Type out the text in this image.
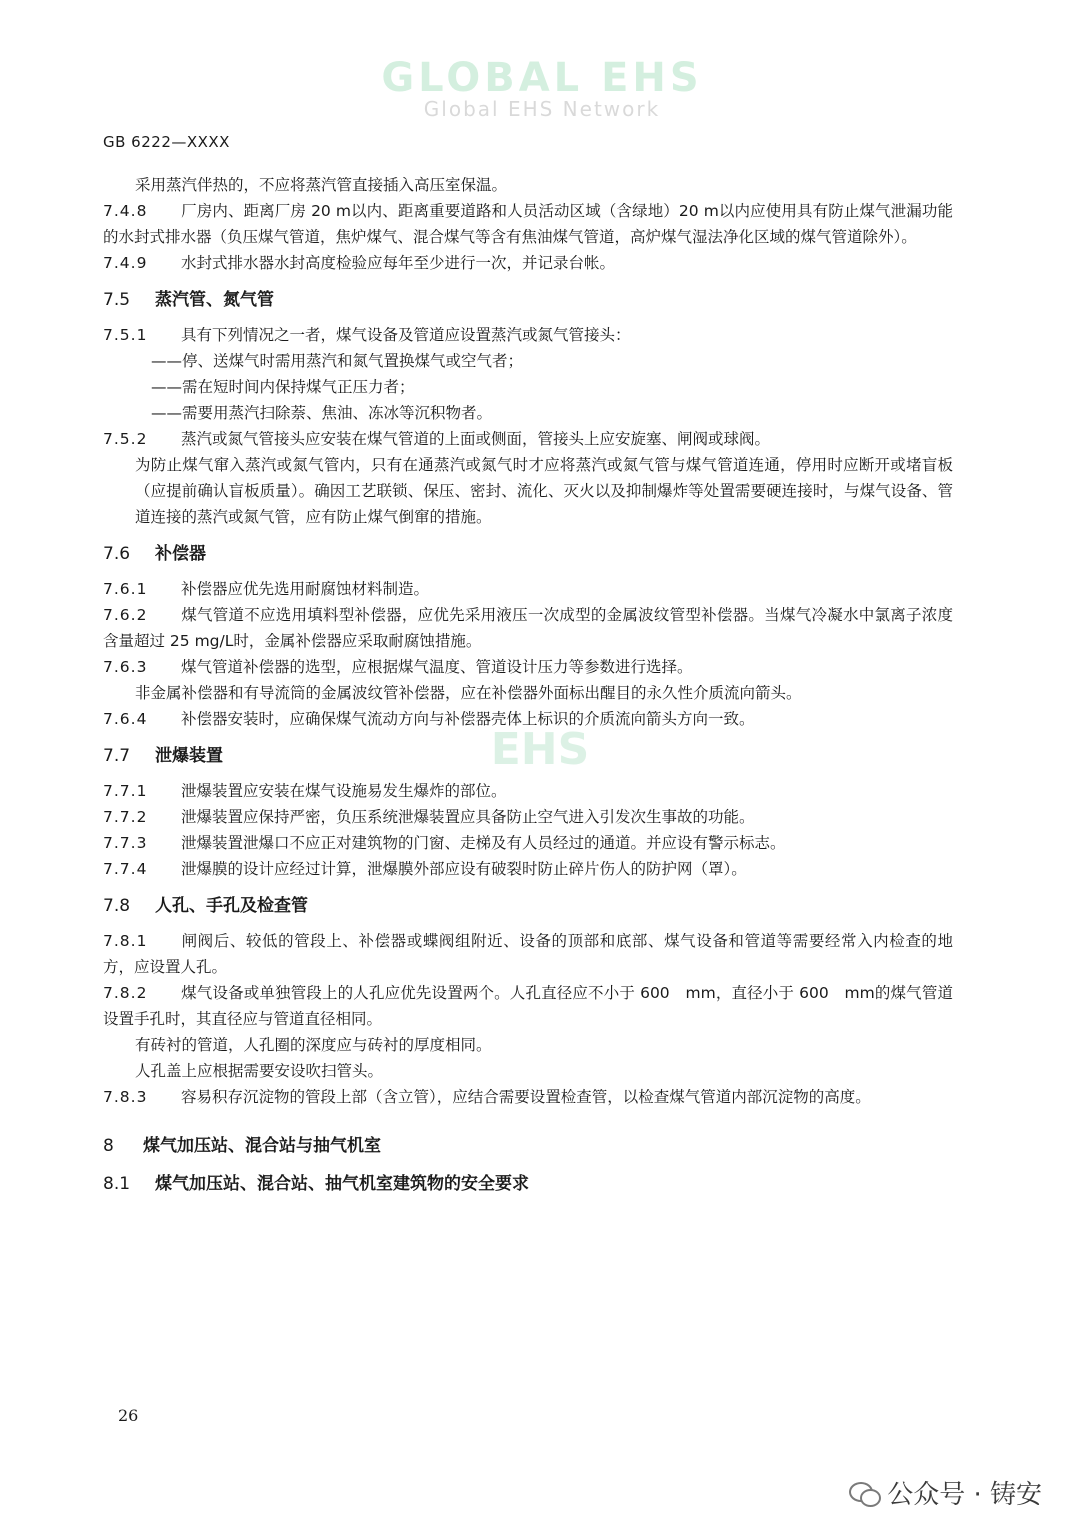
GLOBAL EHS
Global EHS Network
EHS
GB 6222—XXXX
采用蒸汽伴热的，不应将蒸汽管直接插入高压室保温。
7.4.8 厂房内、距离厂房 20 m以内、距离重要道路和人员活动区域（含绿地）20 m以内应使用具有防止煤气泄漏功能的水封式排水器（负压煤气管道，焦炉煤气、混合煤气等含有焦油煤气管道，高炉煤气湿法净化区域的煤气管道除外）。
7.4.9 水封式排水器水封高度检验应每年至少进行一次，并记录台帐。
7.5 蒸汽管、氮气管
7.5.1 具有下列情况之一者，煤气设备及管道应设置蒸汽或氮气管接头：
——停、送煤气时需用蒸汽和氮气置换煤气或空气者；
——需在短时间内保持煤气正压力者；
——需要用蒸汽扫除萘、焦油、冻冰等沉积物者。
7.5.2 蒸汽或氮气管接头应安装在煤气管道的上面或侧面，管接头上应安旋塞、闸阀或球阀。
为防止煤气窜入蒸汽或氮气管内，只有在通蒸汽或氮气时才应将蒸汽或氮气管与煤气管道连通，停用时应断开或堵盲板（应提前确认盲板质量）。确因工艺联锁、保压、密封、流化、灭火以及抑制爆炸等处置需要硬连接时，与煤气设备、管道连接的蒸汽或氮气管，应有防止煤气倒窜的措施。
7.6 补偿器
7.6.1 补偿器应优先选用耐腐蚀材料制造。
7.6.2 煤气管道不应选用填料型补偿器，应优先采用液压一次成型的金属波纹管型补偿器。当煤气冷凝水中氯离子浓度含量超过 25 mg/L时，金属补偿器应采取耐腐蚀措施。
7.6.3 煤气管道补偿器的选型，应根据煤气温度、管道设计压力等参数进行选择。
非金属补偿器和有导流筒的金属波纹管补偿器，应在补偿器外面标出醒目的永久性介质流向箭头。
7.6.4 补偿器安装时，应确保煤气流动方向与补偿器壳体上标识的介质流向箭头方向一致。
7.7 泄爆装置
7.7.1 泄爆装置应安装在煤气设施易发生爆炸的部位。
7.7.2 泄爆装置应保持严密，负压系统泄爆装置应具备防止空气进入引发次生事故的功能。
7.7.3 泄爆装置泄爆口不应正对建筑物的门窗、走梯及有人员经过的通道。并应设有警示标志。
7.7.4 泄爆膜的设计应经过计算，泄爆膜外部应设有破裂时防止碎片伤人的防护网（罩）。
7.8 人孔、手孔及检查管
7.8.1 闸阀后、较低的管段上、补偿器或蝶阀组附近、设备的顶部和底部、煤气设备和管道等需要经常入内检查的地方，应设置人孔。
7.8.2 煤气设备或单独管段上的人孔应优先设置两个。人孔直径应不小于 600　mm，直径小于 600　mm的煤气管道设置手孔时，其直径应与管道直径相同。
有砖衬的管道，人孔圈的深度应与砖衬的厚度相同。
人孔盖上应根据需要安设吹扫管头。
7.8.3 容易积存沉淀物的管段上部（含立管），应结合需要设置检查管，以检查煤气管道内部沉淀物的高度。
8 煤气加压站、混合站与抽气机室
8.1 煤气加压站、混合站、抽气机室建筑物的安全要求
26
公众号 · 铸安
